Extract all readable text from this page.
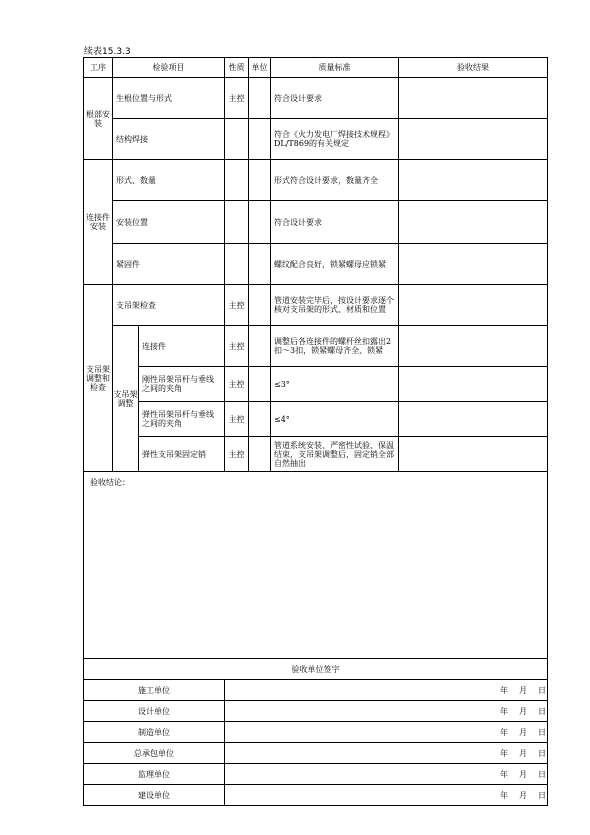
续表15.3.3
工序	检验项目		性质	单位	质量标准	验收结果
根部安装	生根位置与形式		主控		符合设计要求	
	结构焊接				符合《火力发电厂焊接技术规程》DL/T869的有关规定	
连接件安装	形式、数量				形式符合设计要求，数量齐全	
	安装位置				符合设计要求	
	紧固件				螺纹配合良好，锁紧螺母应锁紧	
支吊架调整和检查	支吊架检查		主控		管道安装完毕后，按设计要求逐个核对支吊架的形式、材质和位置	
	支吊架调整	连接件	主控		调整后各连接件的螺杆丝扣露出2扣～3扣，锁紧螺母齐全、锁紧	
		刚性吊架吊杆与垂线之间的夹角	主控		≤3°	

		弹性吊架吊杆与垂线之间的夹角	主控		≤4°	

		弹性支吊架固定销	主控		管道系统安装、严密性试验、保温结束，支吊架调整后，固定销全部自然抽出	
验收结论：						
验收单位签字						
施工单位			年 月 日			
设计单位			年 月 日			
制造单位			年 月 日			
总承包单位			年 月 日			
监理单位			年 月 日			
建设单位			年 月 日			
